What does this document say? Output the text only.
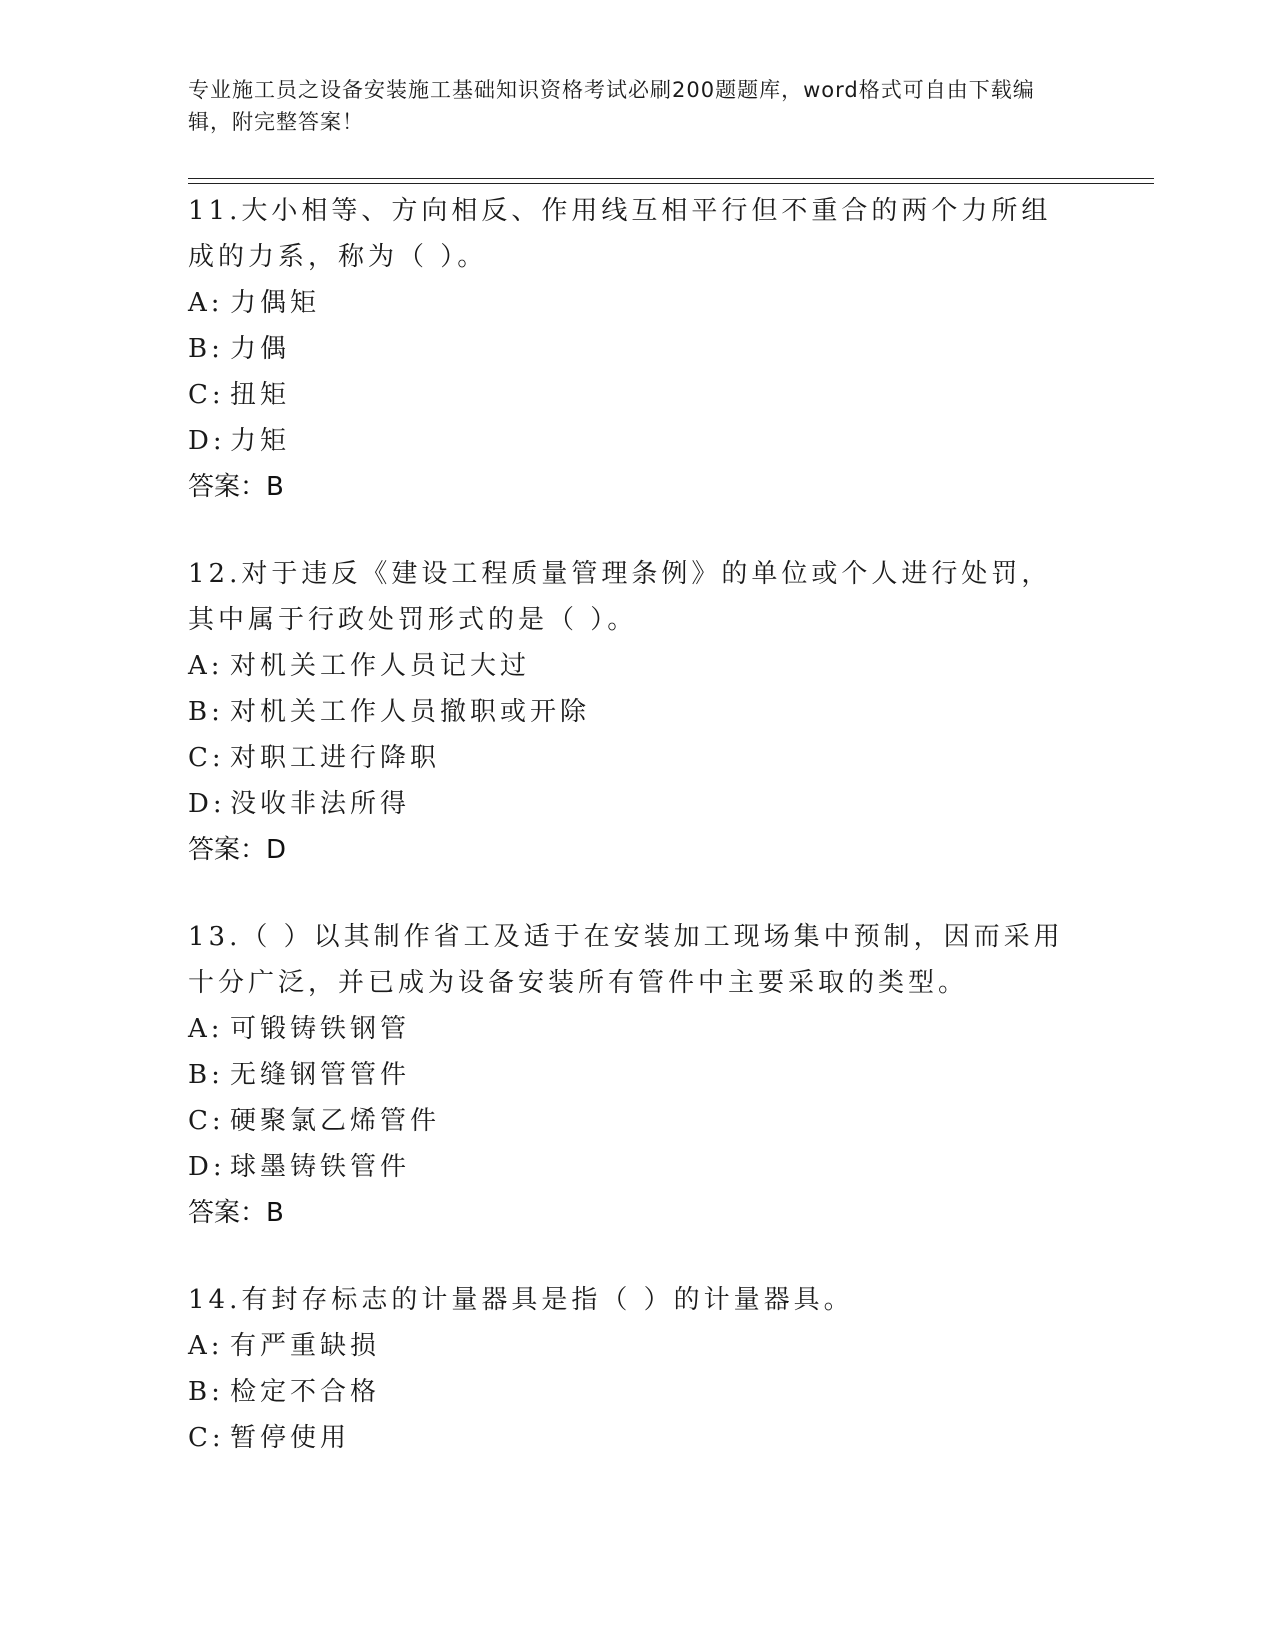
专业施工员之设备安装施工基础知识资格考试必刷200题题库，word格式可自由下载编辑，附完整答案！
11.大小相等、方向相反、作用线互相平行但不重合的两个力所组成的力系，称为（ ）。
A: 力偶矩
B: 力偶
C: 扭矩
D: 力矩
答案：B
12.对于违反《建设工程质量管理条例》的单位或个人进行处罚，其中属于行政处罚形式的是（ ）。
A: 对机关工作人员记大过
B: 对机关工作人员撤职或开除
C: 对职工进行降职
D: 没收非法所得
答案：D
13.（ ）以其制作省工及适于在安装加工现场集中预制，因而采用十分广泛，并已成为设备安装所有管件中主要采取的类型。
A: 可锻铸铁钢管
B: 无缝钢管管件
C: 硬聚氯乙烯管件
D: 球墨铸铁管件
答案：B
14.有封存标志的计量器具是指（ ）的计量器具。
A: 有严重缺损
B: 检定不合格
C: 暂停使用
